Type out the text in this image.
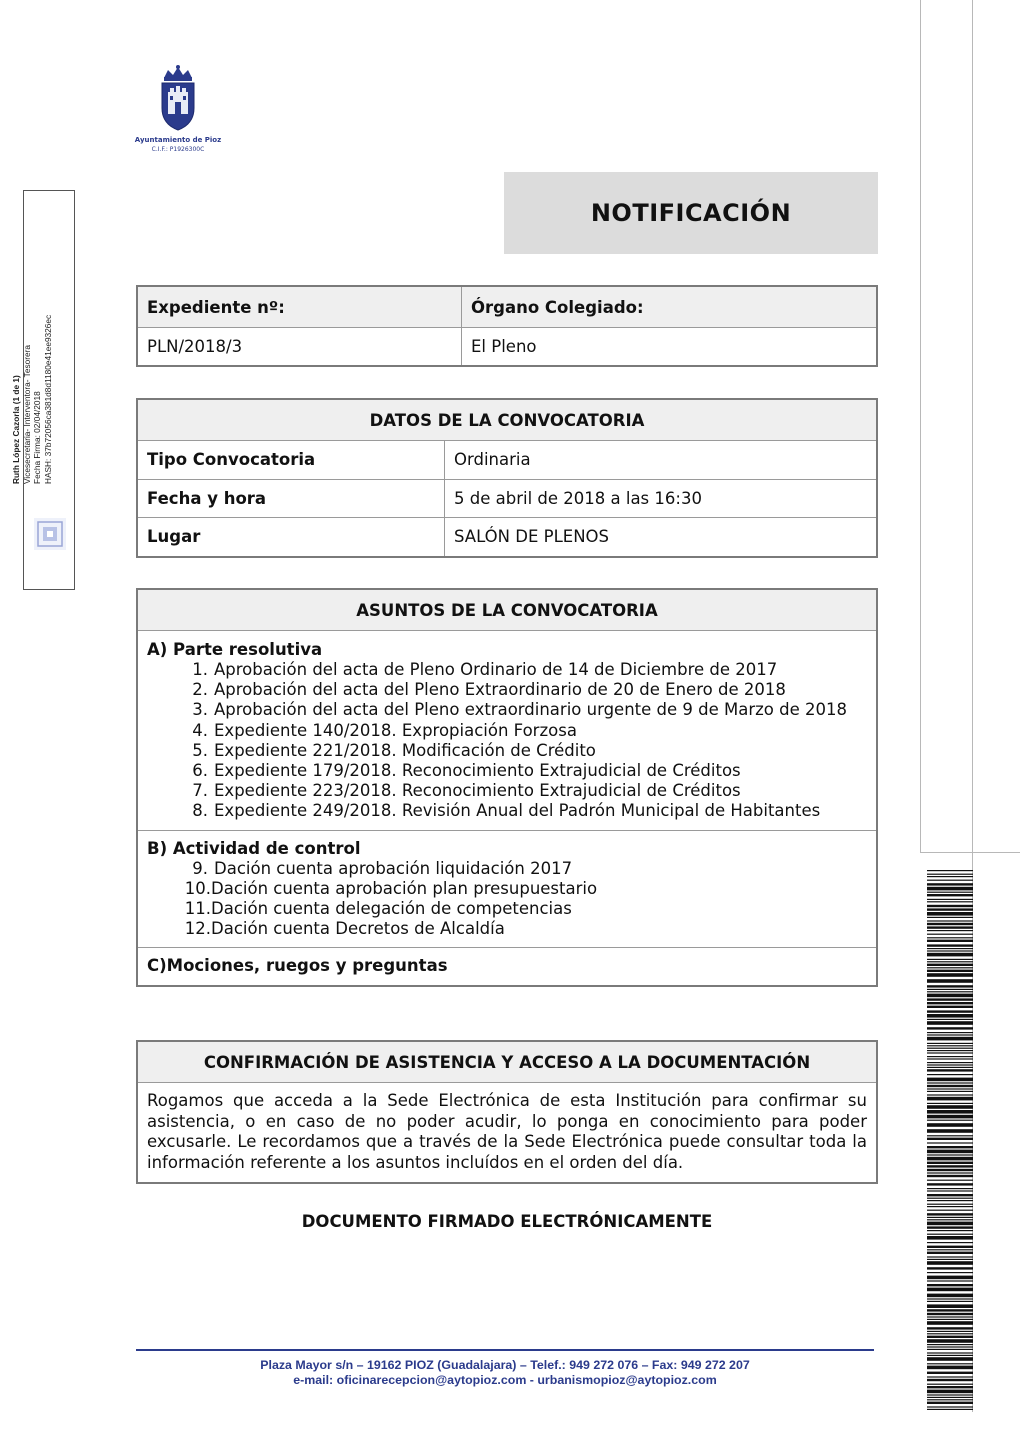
Ayuntamiento de Pioz
C.I.F.: P1926300C
Ruth López Cazorla (1 de 1) Vicesecretaria- Interventora- Tesorera Fecha Firma: 02/04/2018 HASH: 37b72056ca381d8d1180e41ee9326ec
NOTIFICACIÓN
Expediente nº:	Órgano Colegiado:
PLN/2018/3	El Pleno
DATOS DE LA CONVOCATORIA
Tipo Convocatoria	Ordinaria
Fecha y hora	5 de abril de 2018 a las 16:30
Lugar	SALÓN DE PLENOS
ASUNTOS DE LA CONVOCATORIA
A) Parte resolutiva
1. Aprobación del acta de Pleno Ordinario de 14 de Diciembre de 2017
2. Aprobación del acta del Pleno Extraordinario de 20 de Enero de 2018
3. Aprobación del acta del Pleno extraordinario urgente de 9 de Marzo de 2018
4. Expediente 140/2018. Expropiación Forzosa
5. Expediente 221/2018. Modificación de Crédito
6. Expediente 179/2018. Reconocimiento Extrajudicial de Créditos
7. Expediente 223/2018. Reconocimiento Extrajudicial de Créditos
8. Expediente 249/2018. Revisión Anual del Padrón Municipal de Habitantes
B) Actividad de control
9. Dación cuenta aprobación liquidación 2017
10. Dación cuenta aprobación plan presupuestario
11. Dación cuenta delegación de competencias
12. Dación cuenta Decretos de Alcaldía
C)Mociones, ruegos y preguntas
CONFIRMACIÓN DE ASISTENCIA Y ACCESO A LA DOCUMENTACIÓN
Rogamos que acceda a la Sede Electrónica de esta Institución para confirmar su asistencia, o en caso de no poder acudir, lo ponga en conocimiento para poder excusarle. Le recordamos que a través de la Sede Electrónica puede consultar toda la información referente a los asuntos incluídos en el orden del día.
DOCUMENTO FIRMADO ELECTRÓNICAMENTE
Plaza Mayor s/n – 19162 PIOZ (Guadalajara) – Telef.: 949 272 076 – Fax: 949 272 207
e-mail: oficinarecepcion@aytopioz.com - urbanismopioz@aytopioz.com
